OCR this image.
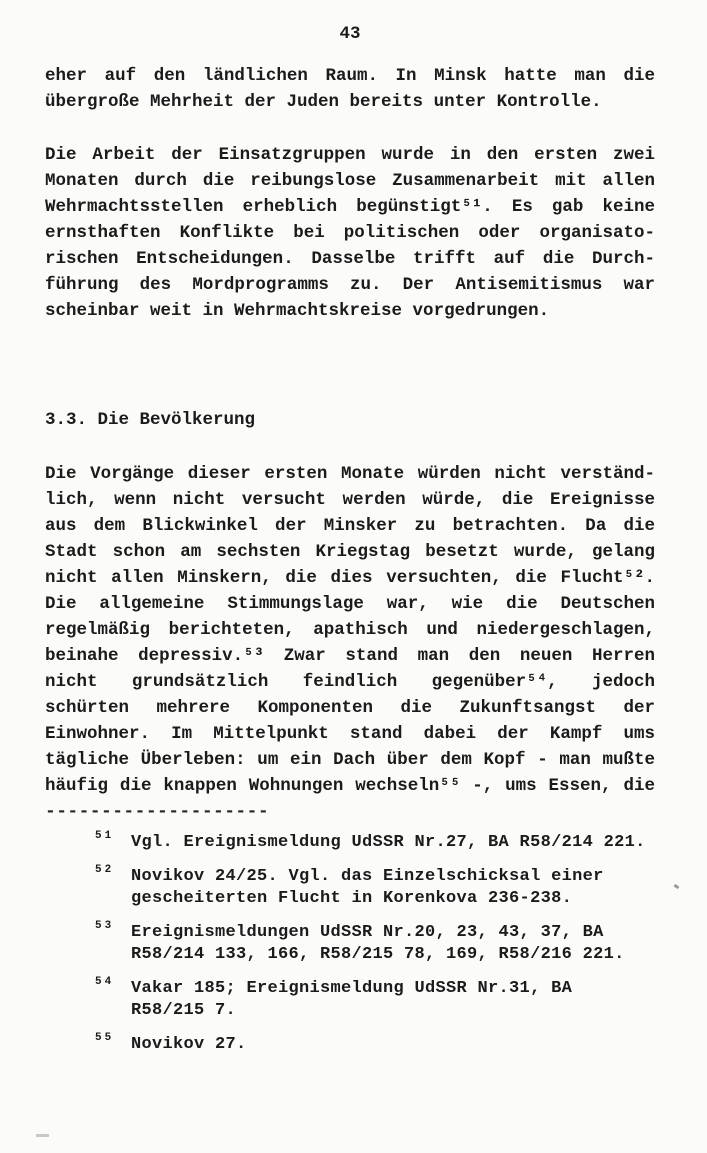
43
eher auf den ländlichen Raum. In Minsk hatte man die
übergroße Mehrheit der Juden bereits unter Kontrolle.
Die Arbeit der Einsatzgruppen wurde in den ersten zwei
Monaten durch die reibungslose Zusammenarbeit mit allen
Wehrmachtsstellen erheblich begünstigt⁵¹. Es gab keine
ernsthaften Konflikte bei politischen oder organisato-
rischen Entscheidungen. Dasselbe trifft auf die Durch-
führung des Mordprogramms zu. Der Antisemitismus war
scheinbar weit in Wehrmachtskreise vorgedrungen.
3.3. Die Bevölkerung
Die Vorgänge dieser ersten Monate würden nicht verständ-
lich, wenn nicht versucht werden würde, die Ereignisse
aus dem Blickwinkel der Minsker zu betrachten. Da die
Stadt schon am sechsten Kriegstag besetzt wurde, gelang
nicht allen Minskern, die dies versuchten, die Flucht⁵².
Die allgemeine Stimmungslage war, wie die Deutschen
regelmäßig berichteten, apathisch und niedergeschlagen,
beinahe depressiv.⁵³ Zwar stand man den neuen Herren
nicht grundsätzlich feindlich gegenüber⁵⁴, jedoch
schürten mehrere Komponenten die Zukunftsangst der
Einwohner. Im Mittelpunkt stand dabei der Kampf ums
tägliche Überleben: um ein Dach über dem Kopf - man mußte
häufig die knappen Wohnungen wechseln⁵⁵ -, ums Essen, die
--------------------
51 Vgl. Ereignismeldung UdSSR Nr.27, BA R58/214 221.
52 Novikov 24/25. Vgl. das Einzelschicksal einer
gescheiterten Flucht in Korenkova 236-238.
53 Ereignismeldungen UdSSR Nr.20, 23, 43, 37, BA
R58/214 133, 166, R58/215 78, 169, R58/216 221.
54 Vakar 185; Ereignismeldung UdSSR Nr.31, BA
R58/215 7.
55 Novikov 27.
